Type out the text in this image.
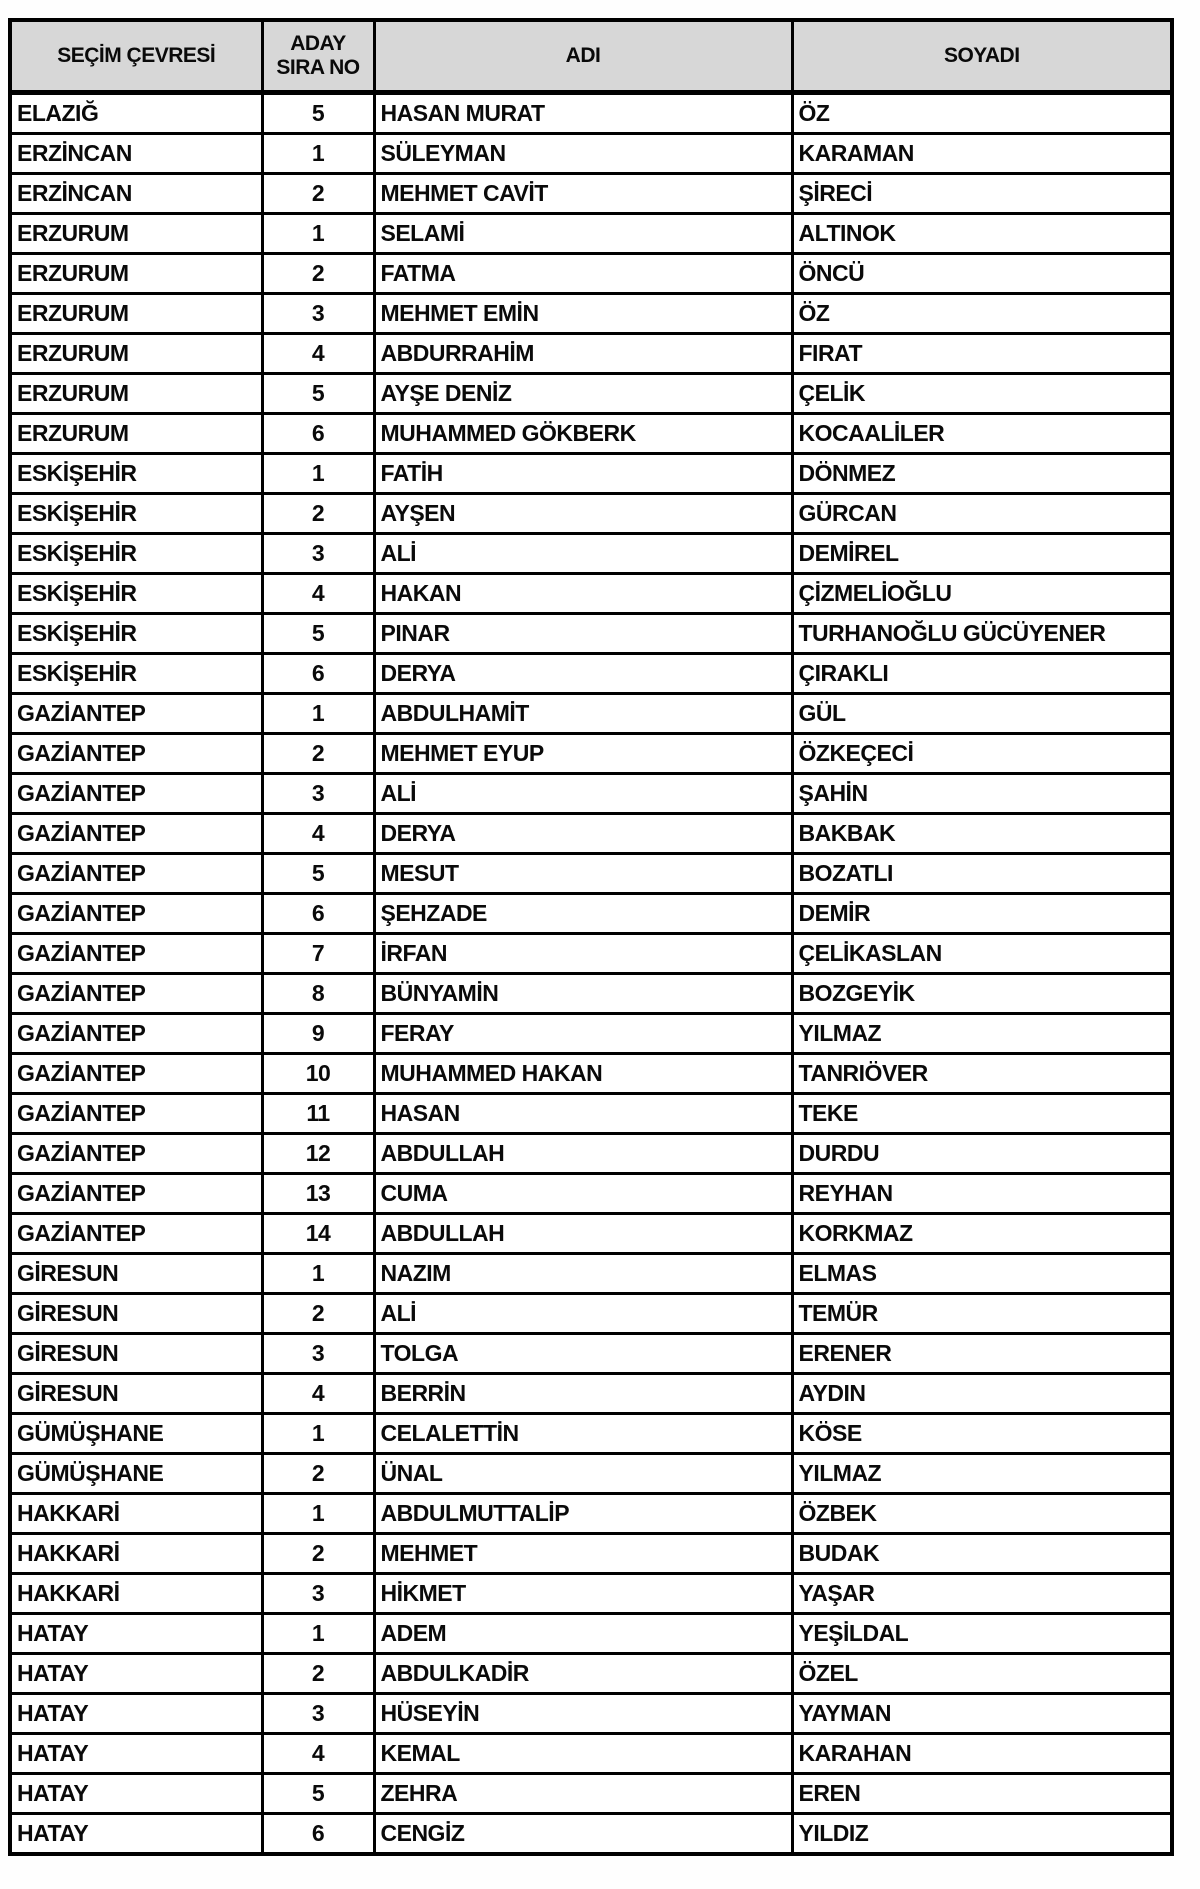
SEÇİM ÇEVRESİ	ADAY SIRA NO	ADI	SOYADI
ELAZIĞ	5	HASAN MURAT	ÖZ
ERZİNCAN	1	SÜLEYMAN	KARAMAN
ERZİNCAN	2	MEHMET CAVİT	ŞİRECİ
ERZURUM	1	SELAMİ	ALTINOK
ERZURUM	2	FATMA	ÖNCÜ
ERZURUM	3	MEHMET EMİN	ÖZ
ERZURUM	4	ABDURRAHİM	FIRAT
ERZURUM	5	AYŞE DENİZ	ÇELİK
ERZURUM	6	MUHAMMED GÖKBERK	KOCAALİLER
ESKİŞEHİR	1	FATİH	DÖNMEZ
ESKİŞEHİR	2	AYŞEN	GÜRCAN
ESKİŞEHİR	3	ALİ	DEMİREL
ESKİŞEHİR	4	HAKAN	ÇİZMELİOĞLU
ESKİŞEHİR	5	PINAR	TURHANOĞLU GÜCÜYENER
ESKİŞEHİR	6	DERYA	ÇIRAKLI
GAZİANTEP	1	ABDULHAMİT	GÜL
GAZİANTEP	2	MEHMET EYUP	ÖZKEÇECİ
GAZİANTEP	3	ALİ	ŞAHİN
GAZİANTEP	4	DERYA	BAKBAK
GAZİANTEP	5	MESUT	BOZATLI
GAZİANTEP	6	ŞEHZADE	DEMİR
GAZİANTEP	7	İRFAN	ÇELİKASLAN
GAZİANTEP	8	BÜNYAMİN	BOZGEYİK
GAZİANTEP	9	FERAY	YILMAZ
GAZİANTEP	10	MUHAMMED HAKAN	TANRIÖVER
GAZİANTEP	11	HASAN	TEKE
GAZİANTEP	12	ABDULLAH	DURDU
GAZİANTEP	13	CUMA	REYHAN
GAZİANTEP	14	ABDULLAH	KORKMAZ
GİRESUN	1	NAZIM	ELMAS
GİRESUN	2	ALİ	TEMÜR
GİRESUN	3	TOLGA	ERENER
GİRESUN	4	BERRİN	AYDIN
GÜMÜŞHANE	1	CELALETTİN	KÖSE
GÜMÜŞHANE	2	ÜNAL	YILMAZ
HAKKARİ	1	ABDULMUTTALİP	ÖZBEK
HAKKARİ	2	MEHMET	BUDAK
HAKKARİ	3	HİKMET	YAŞAR
HATAY	1	ADEM	YEŞİLDAL
HATAY	2	ABDULKADİR	ÖZEL
HATAY	3	HÜSEYİN	YAYMAN
HATAY	4	KEMAL	KARAHAN
HATAY	5	ZEHRA	EREN
HATAY	6	CENGİZ	YILDIZ
